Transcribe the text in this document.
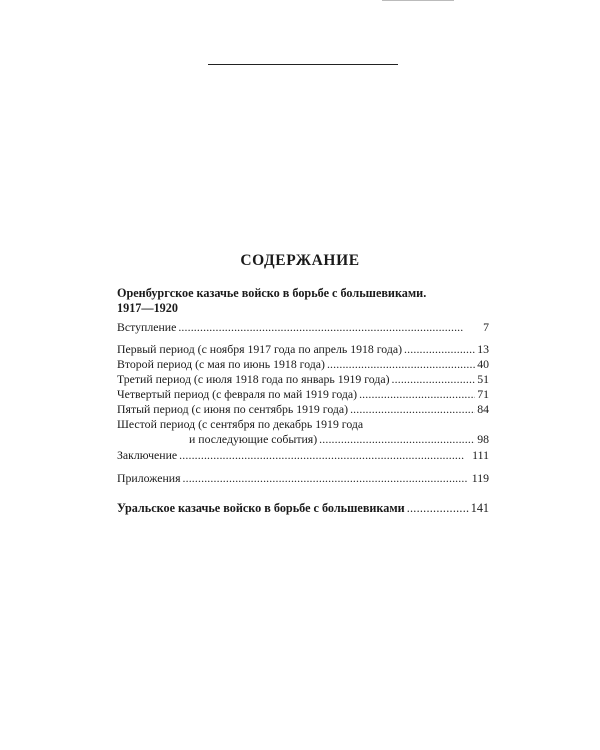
СОДЕРЖАНИЕ
Оренбургское казачье войско в борьбе с большевиками.
1917—1920
Вступление . . .	7
Первый период (с ноября 1917 года по апрель 1918 года) . . .	13
Второй период (с мая по июнь 1918 года) . . .	40
Третий период (с июля 1918 года по январь 1919 года) . . .	51
Четвертый период (с февраля по май 1919 года) . . .	71
Пятый период (с июня по сентябрь 1919 года) . . .	84
Шестой период (с сентября по декабрь 1919 года
и последующие события) . . .	98
Заключение . . .	111
Приложения . . .	119
Уральское казачье войско в борьбе с большевиками . . .	141
